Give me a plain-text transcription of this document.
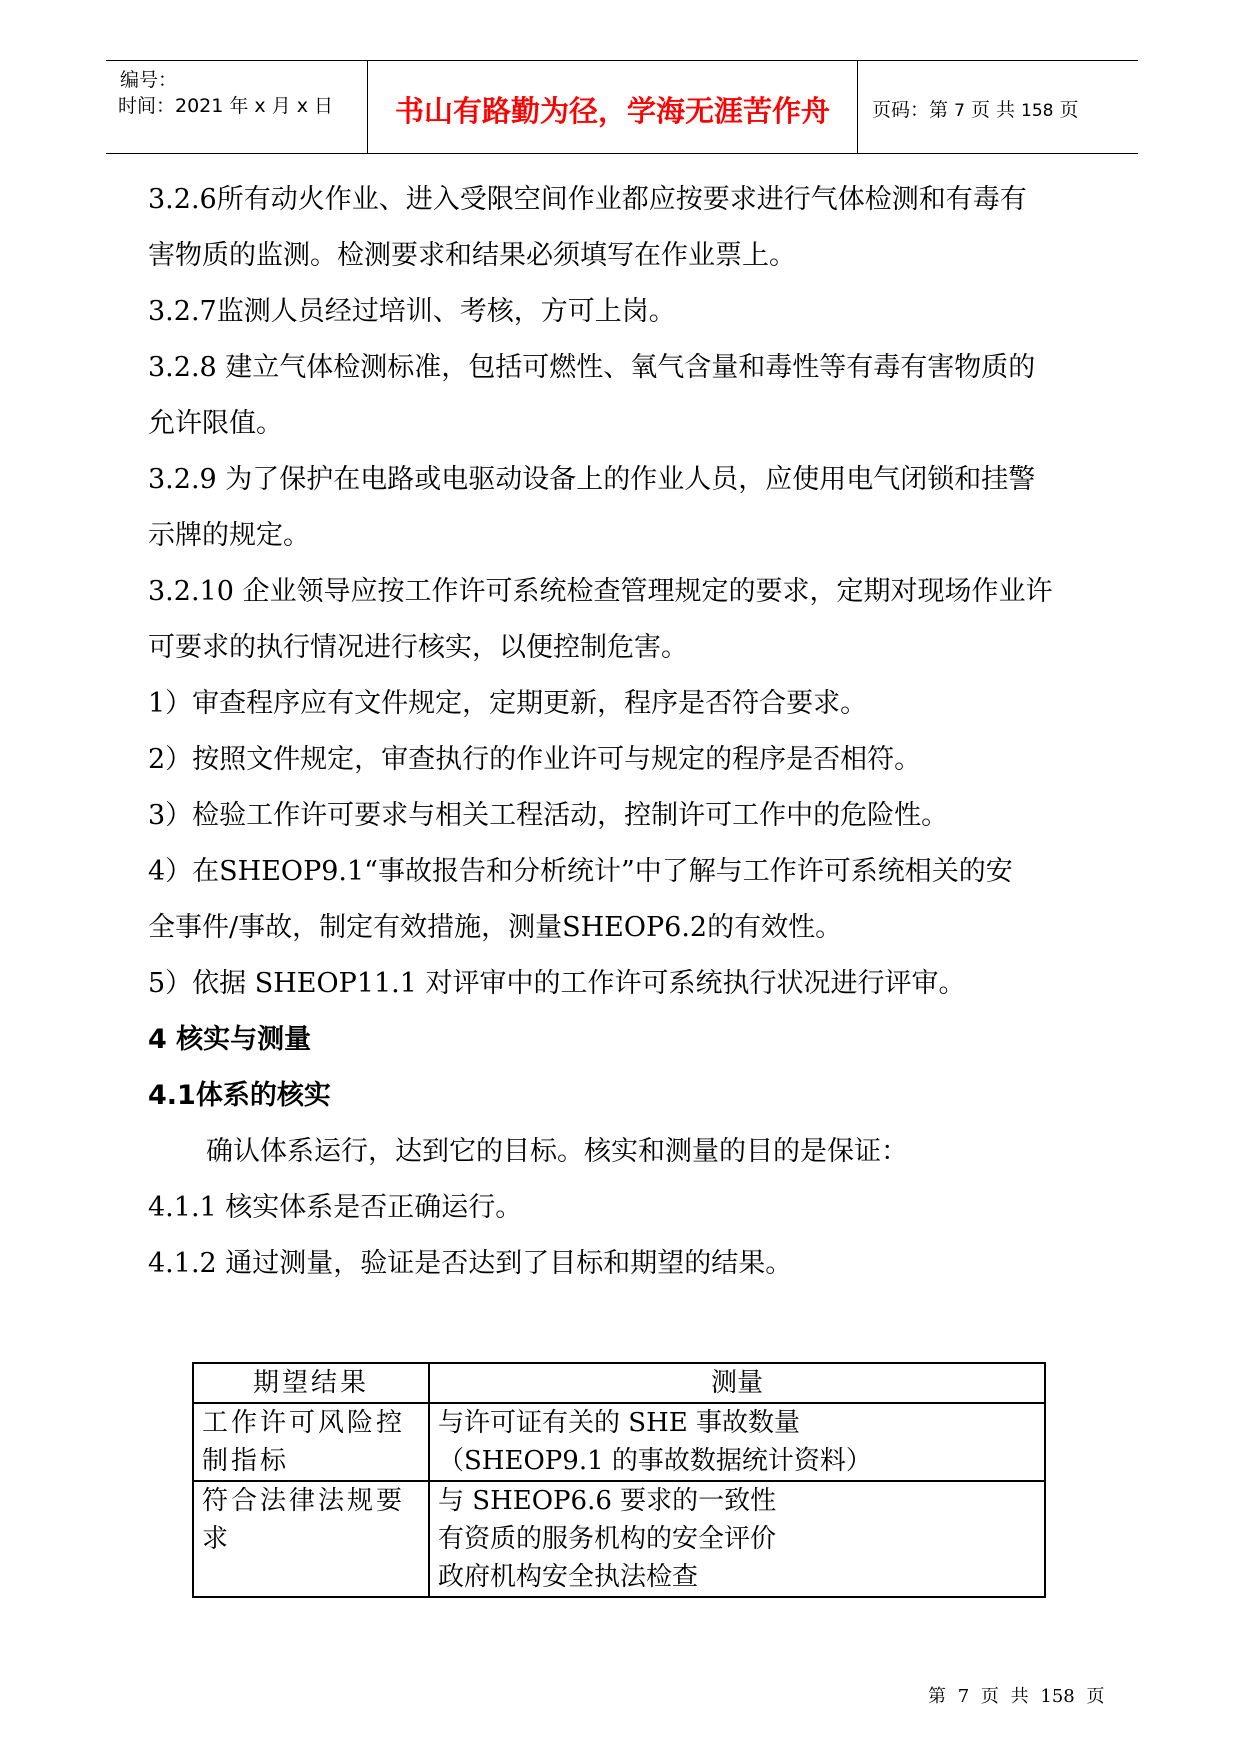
编号：
时间：2021 年 x 月 x 日	书山有路勤为径，学海无涯苦作舟	页码：第 7 页 共 158 页

3.2.6所有动火作业、进入受限空间作业都应按要求进行气体检测和有毒有

害物质的监测。检测要求和结果必须填写在作业票上。

3.2.7监测人员经过培训、考核，方可上岗。

3.2.8 建立气体检测标准，包括可燃性、氧气含量和毒性等有毒有害物质的

允许限值。

3.2.9 为了保护在电路或电驱动设备上的作业人员，应使用电气闭锁和挂警

示牌的规定。

3.2.10 企业领导应按工作许可系统检查管理规定的要求，定期对现场作业许

可要求的执行情况进行核实，以便控制危害。

1）审查程序应有文件规定，定期更新，程序是否符合要求。

2）按照文件规定，审查执行的作业许可与规定的程序是否相符。

3）检验工作许可要求与相关工程活动，控制许可工作中的危险性。

4）在SHEOP9.1“事故报告和分析统计”中了解与工作许可系统相关的安

全事件/事故，制定有效措施，测量SHEOP6.2的有效性。

5）依据 SHEOP11.1 对评审中的工作许可系统执行状况进行评审。

4 核实与测量

4.1体系的核实

确认体系运行，达到它的目标。核实和测量的目的是保证：

4.1.1 核实体系是否正确运行。

4.1.2 通过测量，验证是否达到了目标和期望的结果。

期望结果	测量

工作许可风险控
制指标	与许可证有关的 SHE 事故数量
（SHEOP9.1 的事故数据统计资料）

符合法律法规要
求	与 SHEOP6.6 要求的一致性
有资质的服务机构的安全评价
政府机构安全执法检查
第 7 页 共 158 页
